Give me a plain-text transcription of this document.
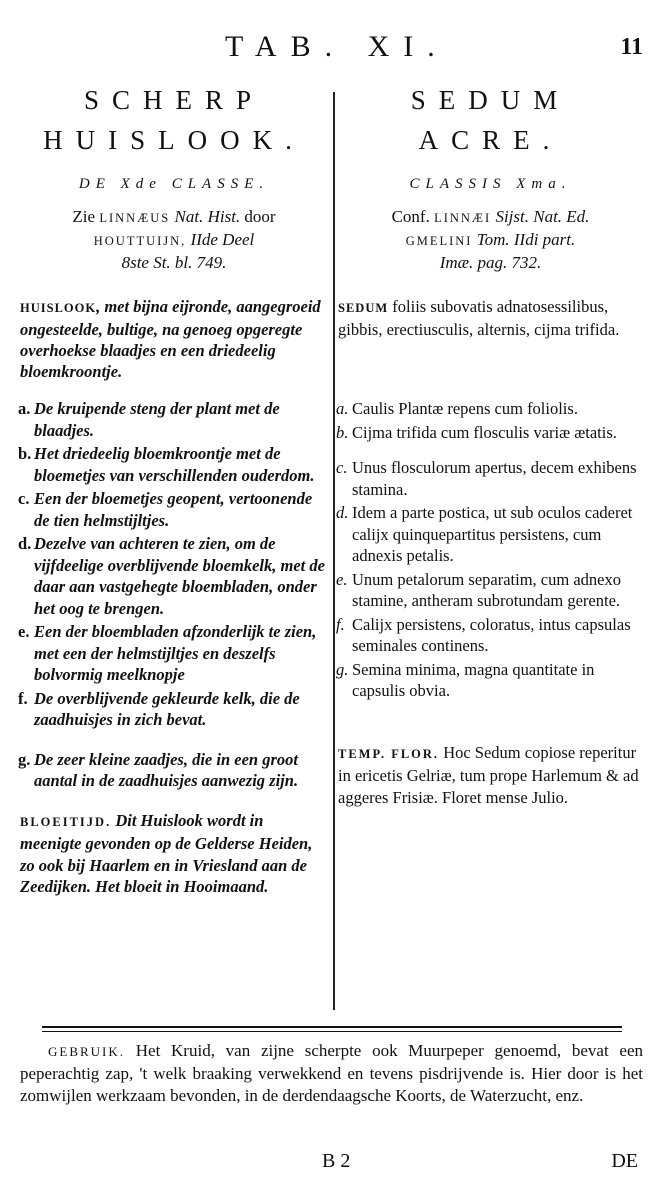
TAB. XI.	11
SCHERP
HUISLOOK.
DE Xde CLASSE.
Zie LINNÆUS Nat. Hist. door
HOUTTUIJN, IIde Deel
8ste St. bl. 749.
HUISLOOK, met bijna eijronde, aangegroeid ongesteelde, bultige, na genoeg opgeregte overhoekse blaadjes en een driedeelig bloemkroontje.
a. De kruipende steng der plant met de blaadjes.
b. Het driedeelig bloemkroontje met de bloemetjes van verschillenden ouderdom.
c. Een der bloemetjes geopent, vertoonende de tien helmstijltjes.
d. Dezelve van achteren te zien, om de vijfdeelige overblijvende bloemkelk, met de daar aan vastgehegte bloembladen, onder het oog te brengen.
e. Een der bloembladen afzonderlijk te zien, met een der helmstijltjes en deszelfs bolvormig meelknopje
f. De overblijvende gekleurde kelk, die de zaadhuisjes in zich bevat.
g. De zeer kleine zaadjes, die in een groot aantal in de zaadhuisjes aanwezig zijn.
BLOEITIJD. Dit Huislook wordt in meenigte gevonden op de Gelderse Heiden, zo ook bij Haarlem en in Vriesland aan de Zeedijken. Het bloeit in Hooimaand.
SEDUM
ACRE.
CLASSIS Xma.
Conf. LINNÆI Sijst. Nat. Ed.
GMELINI Tom. IIdi part.
Imæ. pag. 732.
SEDUM foliis subovatis adnatosessilibus, gibbis, erectiusculis, alternis, cijma trifida.
a. Caulis Plantæ repens cum foliolis.
b. Cijma trifida cum flosculis variæ ætatis.
c. Unus flosculorum apertus, decem exhibens stamina.
d. Idem a parte postica, ut sub oculos caderet calijx quinquepartitus persistens, cum adnexis petalis.
e. Unum petalorum separatim, cum adnexo stamine, antheram subrotundam gerente.
f. Calijx persistens, coloratus, intus capsulas seminales continens.
g. Semina minima, magna quantitate in capsulis obvia.
TEMP. FLOR. Hoc Sedum copiose reperitur in ericetis Gelriæ, tum prope Harlemum & ad aggeres Frisiæ. Floret mense Julio.
GEBRUIK. Het Kruid, van zijne scherpte ook Muurpeper genoemd, bevat een peperachtig zap, 't welk braaking verwekkend en tevens pisdrijvende is. Hier door is het zomwijlen werkzaam bevonden, in de derdendaagsche Koorts, de Waterzucht, enz.
B 2	DE
